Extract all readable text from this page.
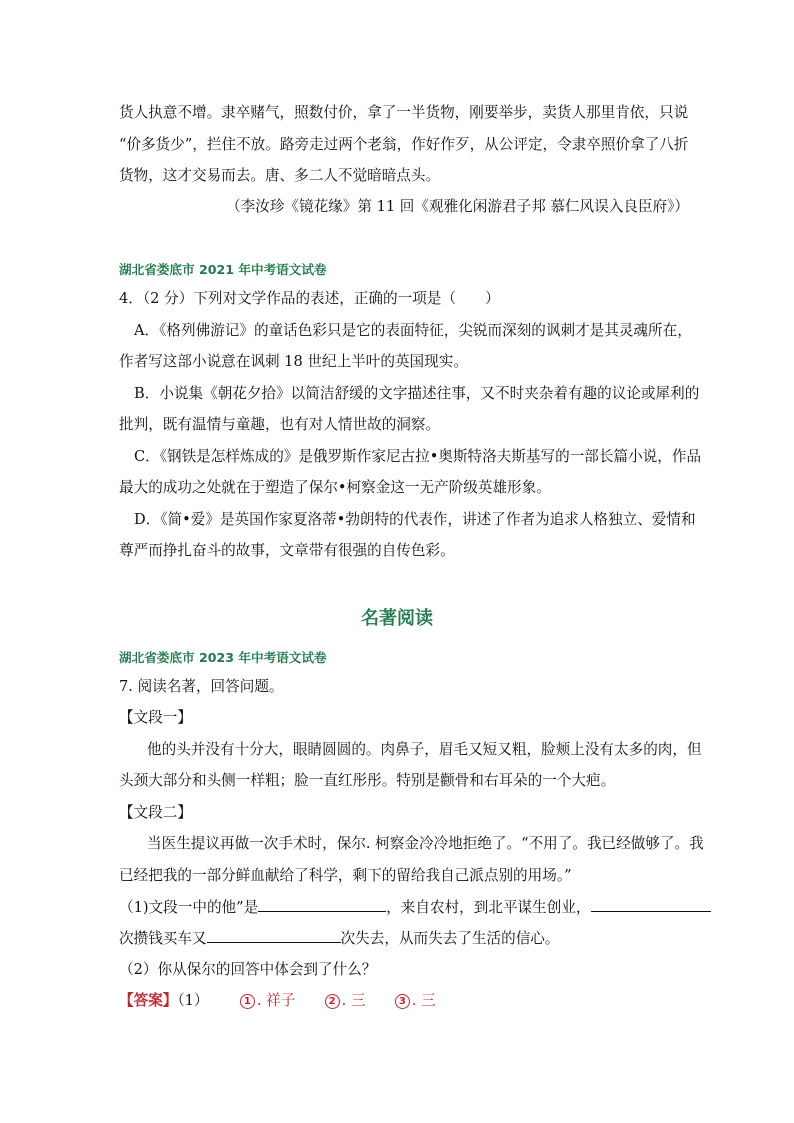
货人执意不增。隶卒赌气，照数付价，拿了一半货物，刚要举步，卖货人那里肯依，只说
“价多货少”，拦住不放。路旁走过两个老翁，作好作歹，从公评定，令隶卒照价拿了八折
货物，这才交易而去。唐、多二人不觉暗暗点头。
（李汝珍《镜花缘》第 11 回《观雅化闲游君子邦 慕仁风误入良臣府》）
湖北省娄底市 2021 年中考语文试卷
4．（2 分）下列对文学作品的表述，正确的一项是（　　）
A．《格列佛游记》的童话色彩只是它的表面特征，尖锐而深刻的讽刺才是其灵魂所在，
作者写这部小说意在讽刺 18 世纪上半叶的英国现实。
B．小说集《朝花夕拾》以简洁舒缓的文字描述往事，又不时夹杂着有趣的议论或犀利的
批判，既有温情与童趣，也有对人情世故的洞察。
C．《钢铁是怎样炼成的》是俄罗斯作家尼古拉•奥斯特洛夫斯基写的一部长篇小说，作品
最大的成功之处就在于塑造了保尔•柯察金这一无产阶级英雄形象。
D．《简•爱》是英国作家夏洛蒂•勃朗特的代表作，讲述了作者为追求人格独立、爱情和
尊严而挣扎奋斗的故事，文章带有很强的自传色彩。
名著阅读
湖北省娄底市 2023 年中考语文试卷
7. 阅读名著，回答问题。
【文段一】
他的头并没有十分大，眼睛圆圆的。肉鼻子，眉毛又短又粗，脸颊上没有太多的肉，但
头颈大部分和头侧一样粗；脸一直红彤彤。特别是颧骨和右耳朵的一个大疤。
【文段二】
当医生提议再做一次手术时，保尔. 柯察金冷冷地拒绝了。“不用了。我已经做够了。我
已经把我的一部分鲜血献给了科学，剩下的留给我自己派点别的用场。”
（1)文段一中的他”是	，来自农村，到北平谋生创业，
次攒钱买车又	次失去，从而失去了生活的信心。
（2）你从保尔的回答中体会到了什么？
【答案】（1）	1 . 祥子	2 . 三	3 . 三
